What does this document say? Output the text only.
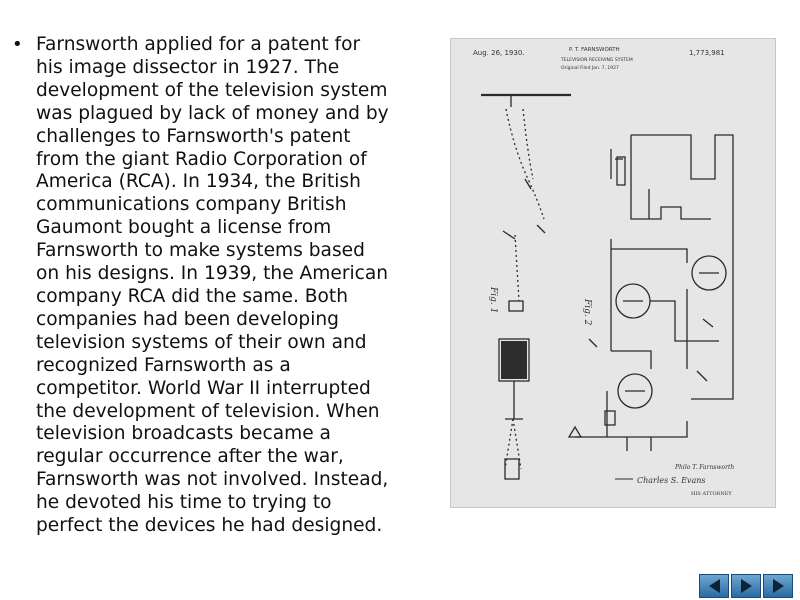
• Farnsworth applied for a patent for
his image dissector in 1927. The
development of the television system
was plagued by lack of money and by
challenges to Farnsworth's patent
from the giant Radio Corporation of
America (RCA). In 1934, the British
communications company British
Gaumont bought a license from
Farnsworth to make systems based
on his designs. In 1939, the American
company RCA did the same. Both
companies had been developing
television systems of their own and
recognized Farnsworth as a
competitor. World War II interrupted
the development of television. When
television broadcasts became a
regular occurrence after the war,
Farnsworth was not involved. Instead,
he devoted his time to trying to
perfect the devices he had designed.
Aug. 26, 1930.	P. T. FARNSWORTH	1,773,981
TELEVISION RECEIVING SYSTEM
Original Filed Jan. 7, 1927
Fig. 1	Fig. 2
Philo T. Farnsworth
Charles S. Evans
HIS ATTORNEY
